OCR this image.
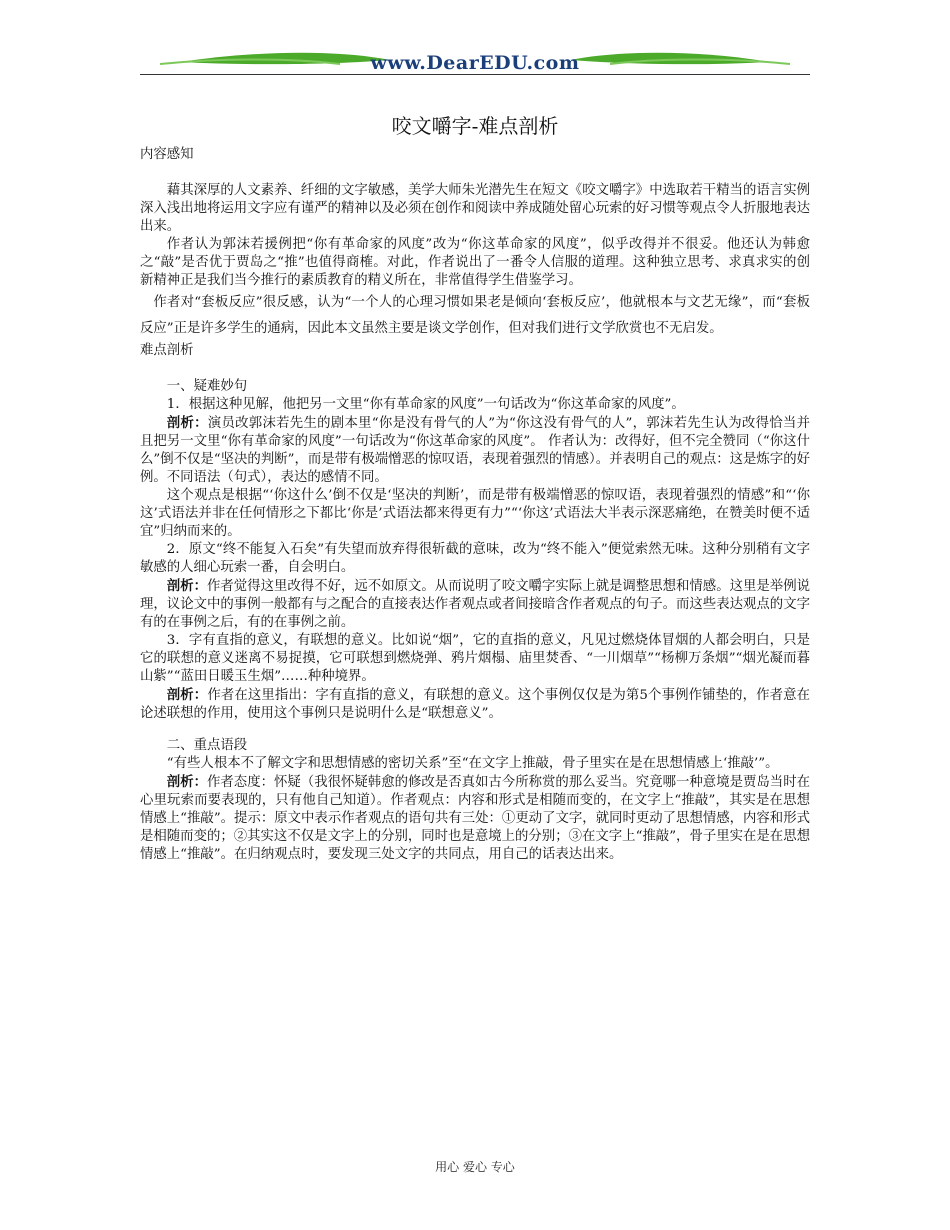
www.DearEDU.com
咬文嚼字-难点剖析

内容感知

藉其深厚的人文素养、纤细的文字敏感，美学大师朱光潜先生在短文《咬文嚼字》中选取若干精当的语言实例深入浅出地将运用文字应有谨严的精神以及必须在创作和阅读中养成随处留心玩索的好习惯等观点令人折服地表达出来。

作者认为郭沫若援例把“你有革命家的风度”改为“你这革命家的风度”，似乎改得并不很妥。他还认为韩愈之“敲”是否优于贾岛之“推”也值得商榷。对此，作者说出了一番令人信服的道理。这种独立思考、求真求实的创新精神正是我们当今推行的素质教育的精义所在，非常值得学生借鉴学习。

作者对“套板反应”很反感，认为“一个人的心理习惯如果老是倾向‘套板反应’，他就根本与文艺无缘”，而“套板反应”正是许多学生的通病，因此本文虽然主要是谈文学创作，但对我们进行文学欣赏也不无启发。

难点剖析

一、疑难妙句

1．根据这种见解，他把另一文里“你有革命家的风度”一句话改为“你这革命家的风度”。

剖析：演员改郭沫若先生的剧本里“你是没有骨气的人”为“你这没有骨气的人”，郭沫若先生认为改得恰当并且把另一文里“你有革命家的风度”一句话改为“你这革命家的风度”。 作者认为：改得好，但不完全赞同（“你这什么”倒不仅是“坚决的判断”，而是带有极端憎恶的惊叹语，表现着强烈的情感）。并表明自己的观点：这是炼字的好例。不同语法（句式），表达的感情不同。

这个观点是根据“‘你这什么’倒不仅是‘坚决的判断’，而是带有极端憎恶的惊叹语，表现着强烈的情感”和“‘你这’式语法并非在任何情形之下都比‘你是’式语法都来得更有力”“‘你这’式语法大半表示深恶痛绝，在赞美时便不适宜”归纳而来的。

2．原文“终不能复入石矣”有失望而放弃得很斩截的意味，改为“终不能入”便觉索然无味。这种分别稍有文字敏感的人细心玩索一番，自会明白。

剖析：作者觉得这里改得不好，远不如原文。从而说明了咬文嚼字实际上就是调整思想和情感。这里是举例说理，议论文中的事例一般都有与之配合的直接表达作者观点或者间接暗含作者观点的句子。而这些表达观点的文字有的在事例之后，有的在事例之前。

3．字有直指的意义，有联想的意义。比如说“烟”，它的直指的意义，凡见过燃烧体冒烟的人都会明白，只是它的联想的意义迷离不易捉摸，它可联想到燃烧弹、鸦片烟榻、庙里焚香、“一川烟草”“杨柳万条烟”“烟光凝而暮山紫”“蓝田日暖玉生烟”……种种境界。

剖析：作者在这里指出：字有直指的意义，有联想的意义。这个事例仅仅是为第5个事例作铺垫的，作者意在论述联想的作用，使用这个事例只是说明什么是“联想意义”。

二、重点语段

“有些人根本不了解文字和思想情感的密切关系”至“在文字上推敲，骨子里实在是在思想情感上‘推敲’”。

剖析：作者态度：怀疑（我很怀疑韩愈的修改是否真如古今所称赏的那么妥当。究竟哪一种意境是贾岛当时在心里玩索而要表现的，只有他自己知道）。作者观点：内容和形式是相随而变的，在文字上“推敲”，其实是在思想情感上“推敲”。提示：原文中表示作者观点的语句共有三处：①更动了文字，就同时更动了思想情感，内容和形式是相随而变的；②其实这不仅是文字上的分别，同时也是意境上的分别；③在文字上“推敲”，骨子里实在是在思想情感上“推敲”。在归纳观点时，要发现三处文字的共同点，用自己的话表达出来。

用心 爱心 专心
